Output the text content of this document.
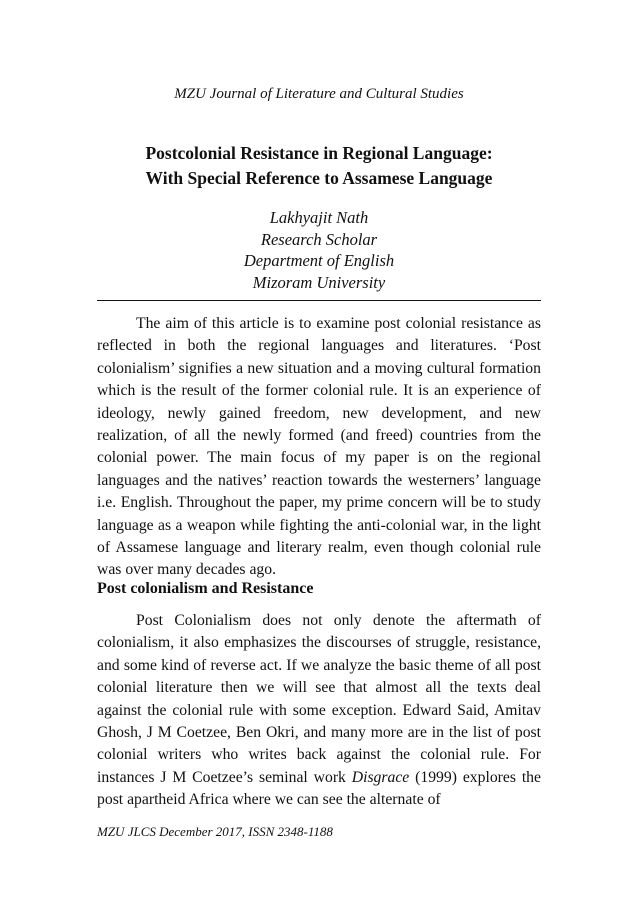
MZU Journal of Literature and Cultural Studies
Postcolonial Resistance in Regional Language:
With Special Reference to Assamese Language
Lakhyajit Nath
Research Scholar
Department of English
Mizoram University

The aim of this article is to examine post colonial resistance as reflected in both the regional languages and literatures. ‘Post colonialism’ signifies a new situation and a moving cultural formation which is the result of the former colonial rule. It is an experience of ideology, newly gained freedom, new development, and new realization, of all the newly formed (and freed) countries from the colonial power. The main focus of my paper is on the regional languages and the natives’ reaction towards the westerners’ language i.e. English. Throughout the paper, my prime concern will be to study language as a weapon while fighting the anti-colonial war, in the light of Assamese language and literary realm, even though colonial rule was over many decades ago.

Post colonialism and Resistance

Post Colonialism does not only denote the aftermath of colonialism, it also emphasizes the discourses of struggle, resistance, and some kind of reverse act. If we analyze the basic theme of all post colonial literature then we will see that almost all the texts deal against the colonial rule with some exception. Edward Said, Amitav Ghosh, J M Coetzee, Ben Okri, and many more are in the list of post colonial writers who writes back against the colonial rule. For instances J M Coetzee’s seminal work Disgrace (1999) explores the post apartheid Africa where we can see the alternate of

MZU JLCS December 2017, ISSN 2348-1188
